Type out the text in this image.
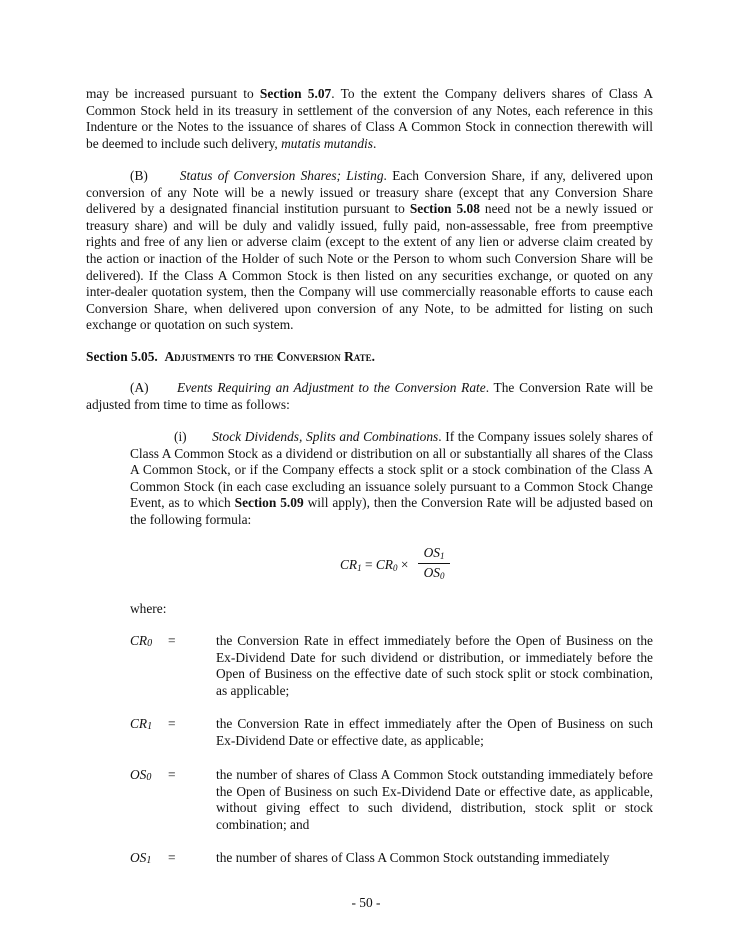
may be increased pursuant to Section 5.07. To the extent the Company delivers shares of Class A Common Stock held in its treasury in settlement of the conversion of any Notes, each reference in this Indenture or the Notes to the issuance of shares of Class A Common Stock in connection therewith will be deemed to include such delivery, mutatis mutandis.

(B) Status of Conversion Shares; Listing. Each Conversion Share, if any, delivered upon conversion of any Note will be a newly issued or treasury share (except that any Conversion Share delivered by a designated financial institution pursuant to Section 5.08 need not be a newly issued or treasury share) and will be duly and validly issued, fully paid, non-assessable, free from preemptive rights and free of any lien or adverse claim (except to the extent of any lien or adverse claim created by the action or inaction of the Holder of such Note or the Person to whom such Conversion Share will be delivered). If the Class A Common Stock is then listed on any securities exchange, or quoted on any inter-dealer quotation system, then the Company will use commercially reasonable efforts to cause each Conversion Share, when delivered upon conversion of any Note, to be admitted for listing on such exchange or quotation on such system.

Section 5.05. Adjustments to the Conversion Rate.

(A) Events Requiring an Adjustment to the Conversion Rate. The Conversion Rate will be adjusted from time to time as follows:

(i) Stock Dividends, Splits and Combinations. If the Company issues solely shares of Class A Common Stock as a dividend or distribution on all or substantially all shares of the Class A Common Stock, or if the Company effects a stock split or a stock combination of the Class A Common Stock (in each case excluding an issuance solely pursuant to a Common Stock Change Event, as to which Section 5.09 will apply), then the Conversion Rate will be adjusted based on the following formula:

$CR_1 = CR_0$ ×
$OS_1$
$OS_0$

where:

$CR_0$ =	the Conversion Rate in effect immediately before the Open of Business on the Ex-Dividend Date for such dividend or distribution, or immediately before the Open of Business on the effective date of such stock split or stock combination, as applicable;

$CR_1$ =	the Conversion Rate in effect immediately after the Open of Business on such Ex-Dividend Date or effective date, as applicable;

$OS_0$ =	the number of shares of Class A Common Stock outstanding immediately before the Open of Business on such Ex-Dividend Date or effective date, as applicable, without giving effect to such dividend, distribution, stock split or stock combination; and

$OS_1$ =	the number of shares of Class A Common Stock outstanding immediately

- 50 -
